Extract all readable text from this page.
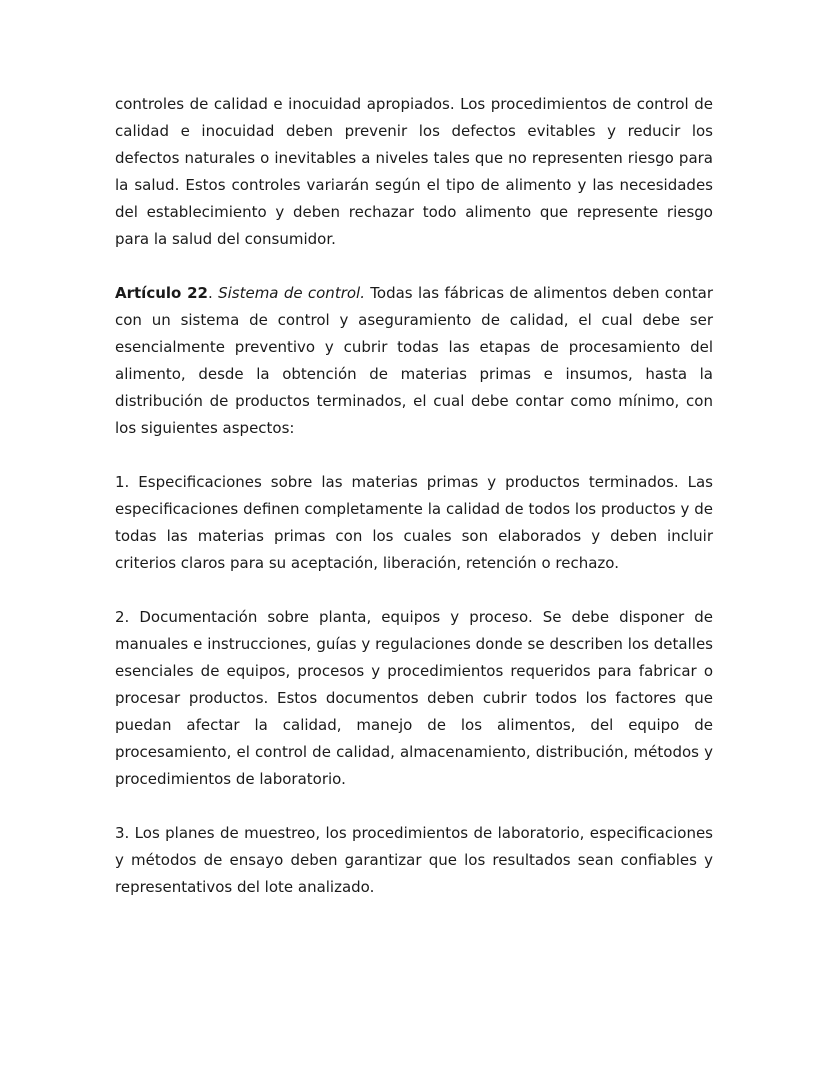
controles de calidad e inocuidad apropiados. Los procedimientos de control de calidad e inocuidad deben prevenir los defectos evitables y reducir los defectos naturales o inevitables a niveles tales que no representen riesgo para la salud. Estos controles variarán según el tipo de alimento y las necesidades del establecimiento y deben rechazar todo alimento que represente riesgo para la salud del consumidor.

Artículo 22. Sistema de control. Todas las fábricas de alimentos deben contar con un sistema de control y aseguramiento de calidad, el cual debe ser esencialmente preventivo y cubrir todas las etapas de procesamiento del alimento, desde la obtención de materias primas e insumos, hasta la distribución de productos terminados, el cual debe contar como mínimo, con los siguientes aspectos:

1. Especificaciones sobre las materias primas y productos terminados. Las especificaciones definen completamente la calidad de todos los productos y de todas las materias primas con los cuales son elaborados y deben incluir criterios claros para su aceptación, liberación, retención o rechazo.

2. Documentación sobre planta, equipos y proceso. Se debe disponer de manuales e instrucciones, guías y regulaciones donde se describen los detalles esenciales de equipos, procesos y procedimientos requeridos para fabricar o procesar productos. Estos documentos deben cubrir todos los factores que puedan afectar la calidad, manejo de los alimentos, del equipo de procesamiento, el control de calidad, almacenamiento, distribución, métodos y procedimientos de laboratorio.

3. Los planes de muestreo, los procedimientos de laboratorio, especificaciones y métodos de ensayo deben garantizar que los resultados sean confiables y representativos del lote analizado.
